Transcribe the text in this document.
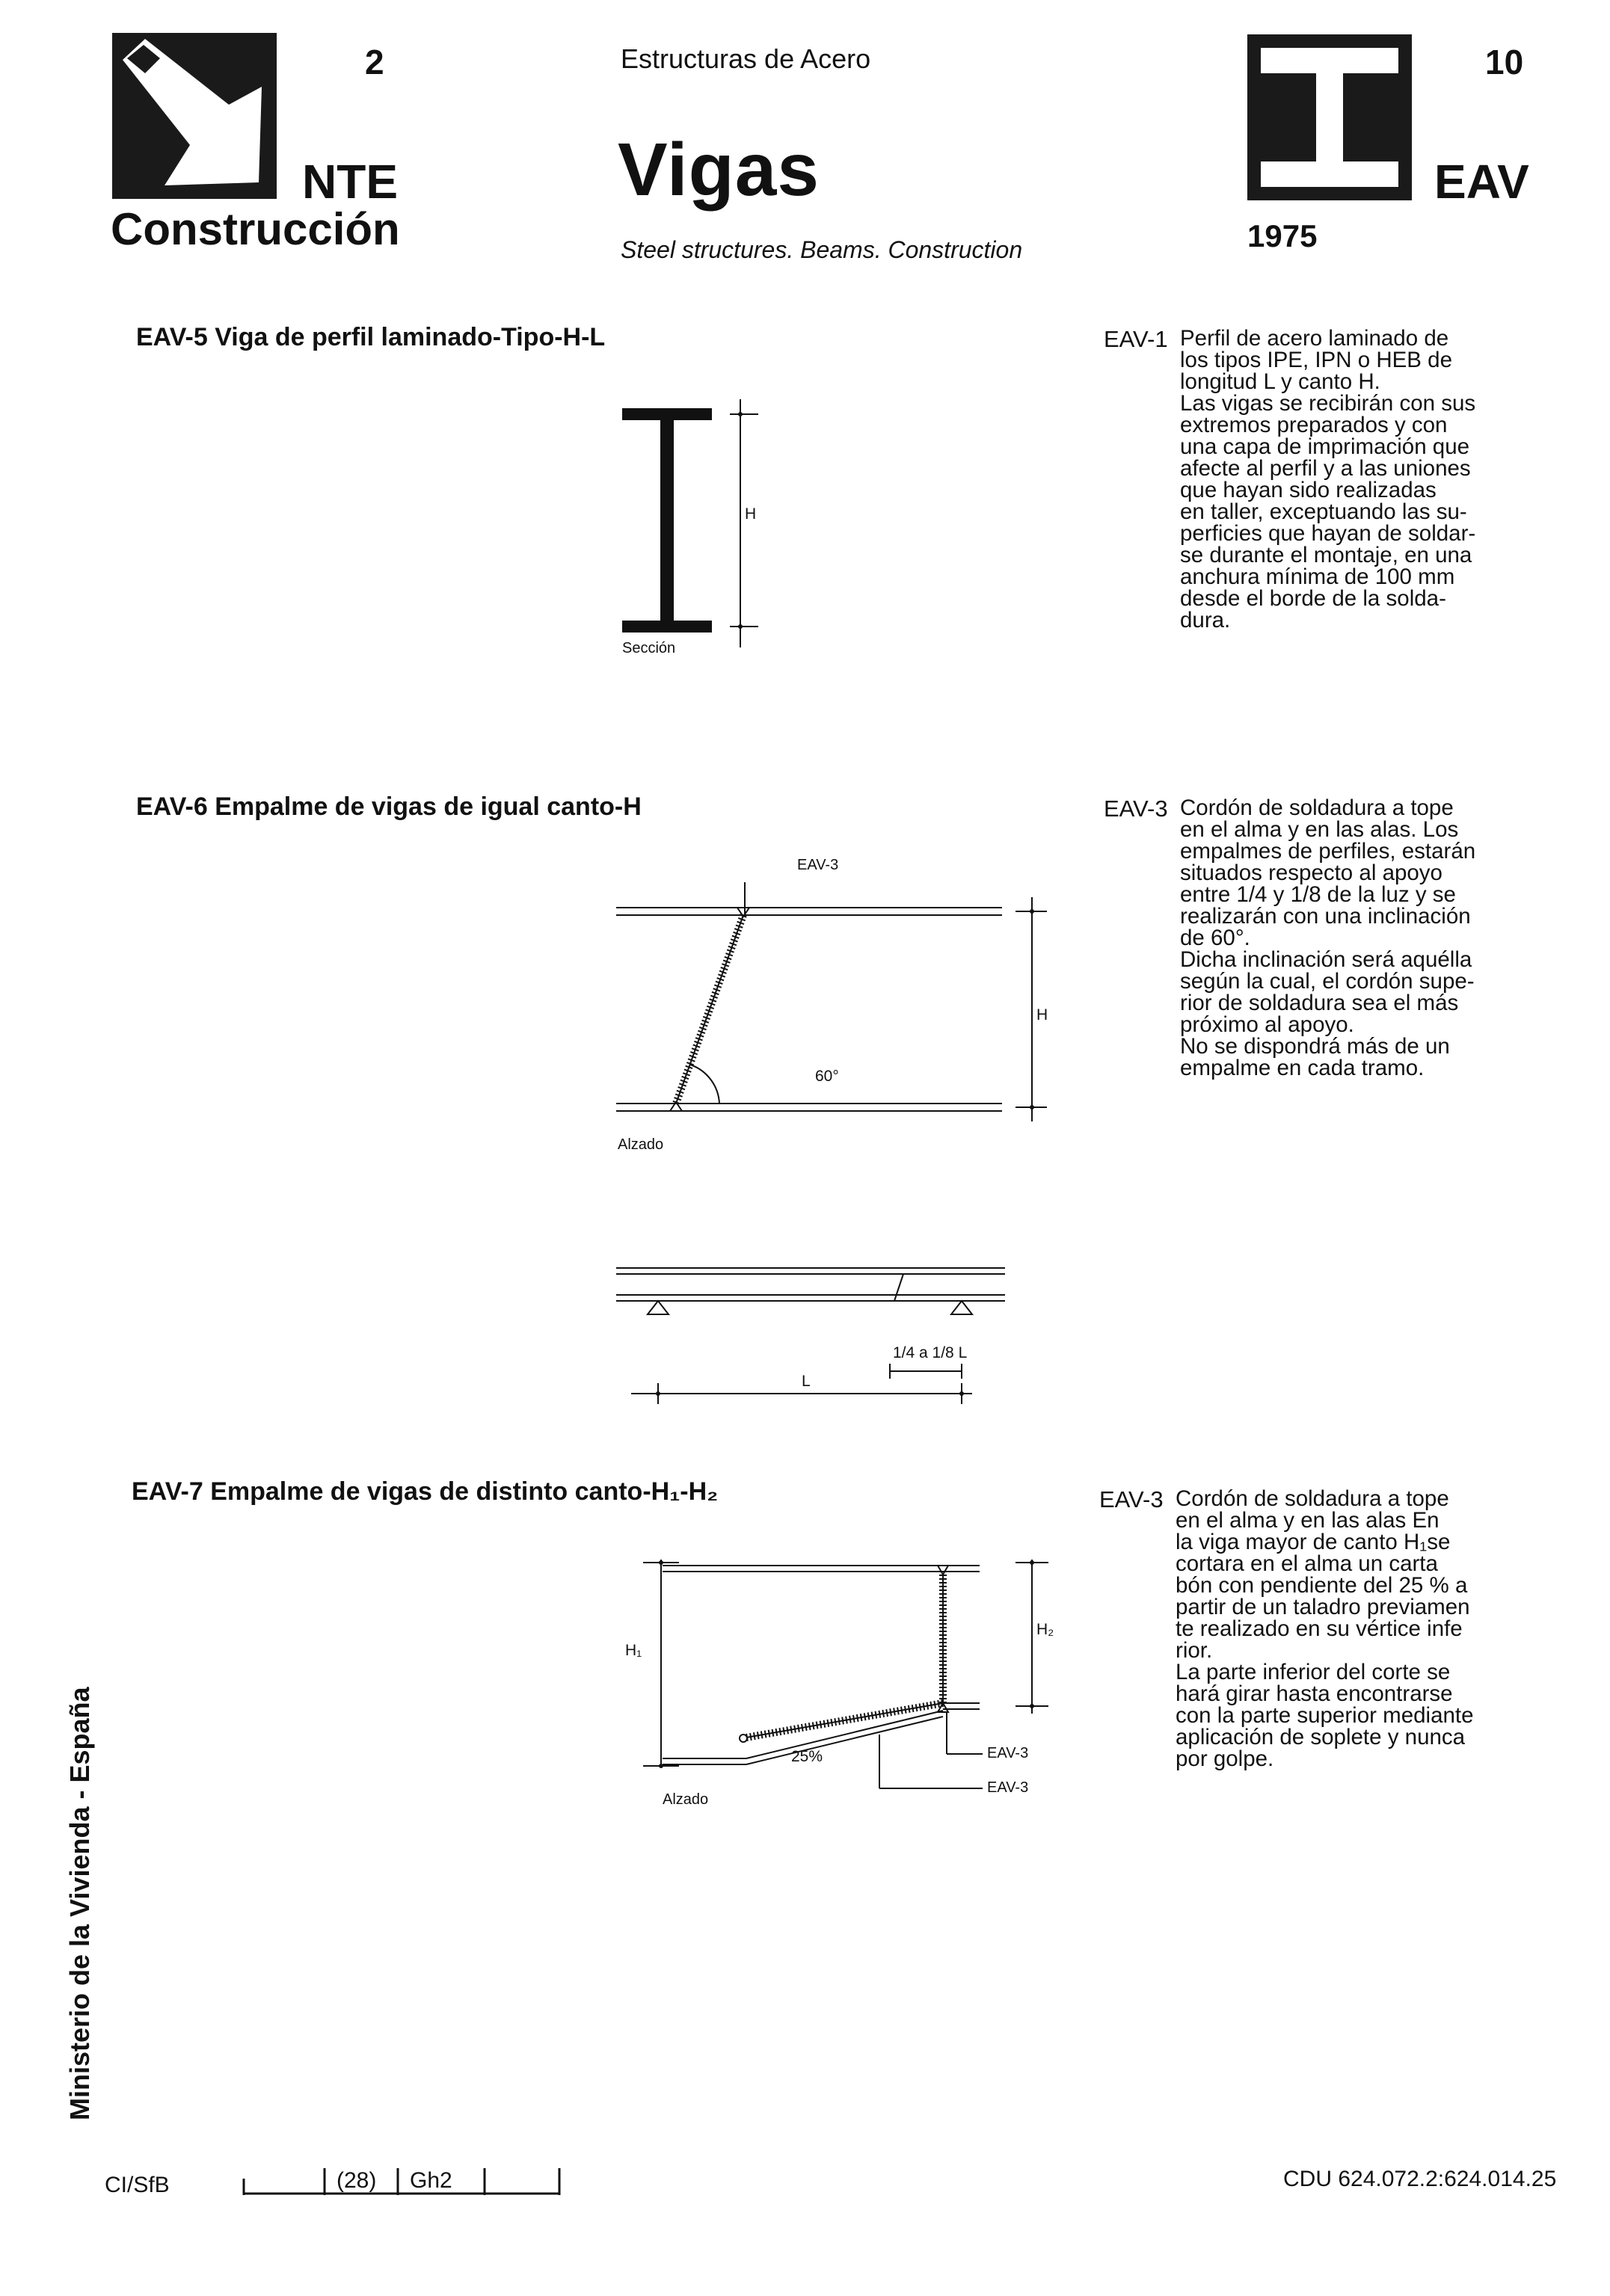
2
NTE
Construcción
Estructuras de Acero
Vigas
Steel structures. Beams. Construction
10
EAV
1975
EAV-5 Viga de perfil laminado-Tipo-H-L
H
Sección
EAV-1 Perfil de acero laminado de
los tipos IPE, IPN o HEB de
longitud L y canto H.
Las vigas se recibirán con sus
extremos preparados y con
una capa de imprimación que
afecte al perfil y a las uniones
que hayan sido realizadas
en taller, exceptuando las su-
perficies que hayan de soldar-
se durante el montaje, en una
anchura mínima de 100 mm
desde el borde de la solda-
dura.
EAV-6 Empalme de vigas de igual canto-H
EAV-3
60°
H
Alzado
1/4 a 1/8 L
L
EAV-3 Cordón de soldadura a tope
en el alma y en las alas. Los
empalmes de perfiles, estarán
situados respecto al apoyo
entre 1/4 y 1/8 de la luz y se
realizarán con una inclinación
de 60°.
Dicha inclinación será aquélla
según la cual, el cordón supe-
rior de soldadura sea el más
próximo al apoyo.
No se dispondrá más de un
empalme en cada tramo.
EAV-7 Empalme de vigas de distinto canto-H₁-H₂
H₁
H₂
25%	EAV-3
EAV-3
Alzado
EAV-3 Cordón de soldadura a tope
en el alma y en las alas En
la viga mayor de canto H₁se
cortara en el alma un carta
bón con pendiente del 25 % a
partir de un taladro previamen
te realizado en su vértice infe
rior.
La parte inferior del corte se
hará girar hasta encontrarse
con la parte superior mediante
aplicación de soplete y nunca
por golpe.
Ministerio de la Vivienda - España
CI/SfB	(28) Gh2	CDU 624.072.2:624.014.25
